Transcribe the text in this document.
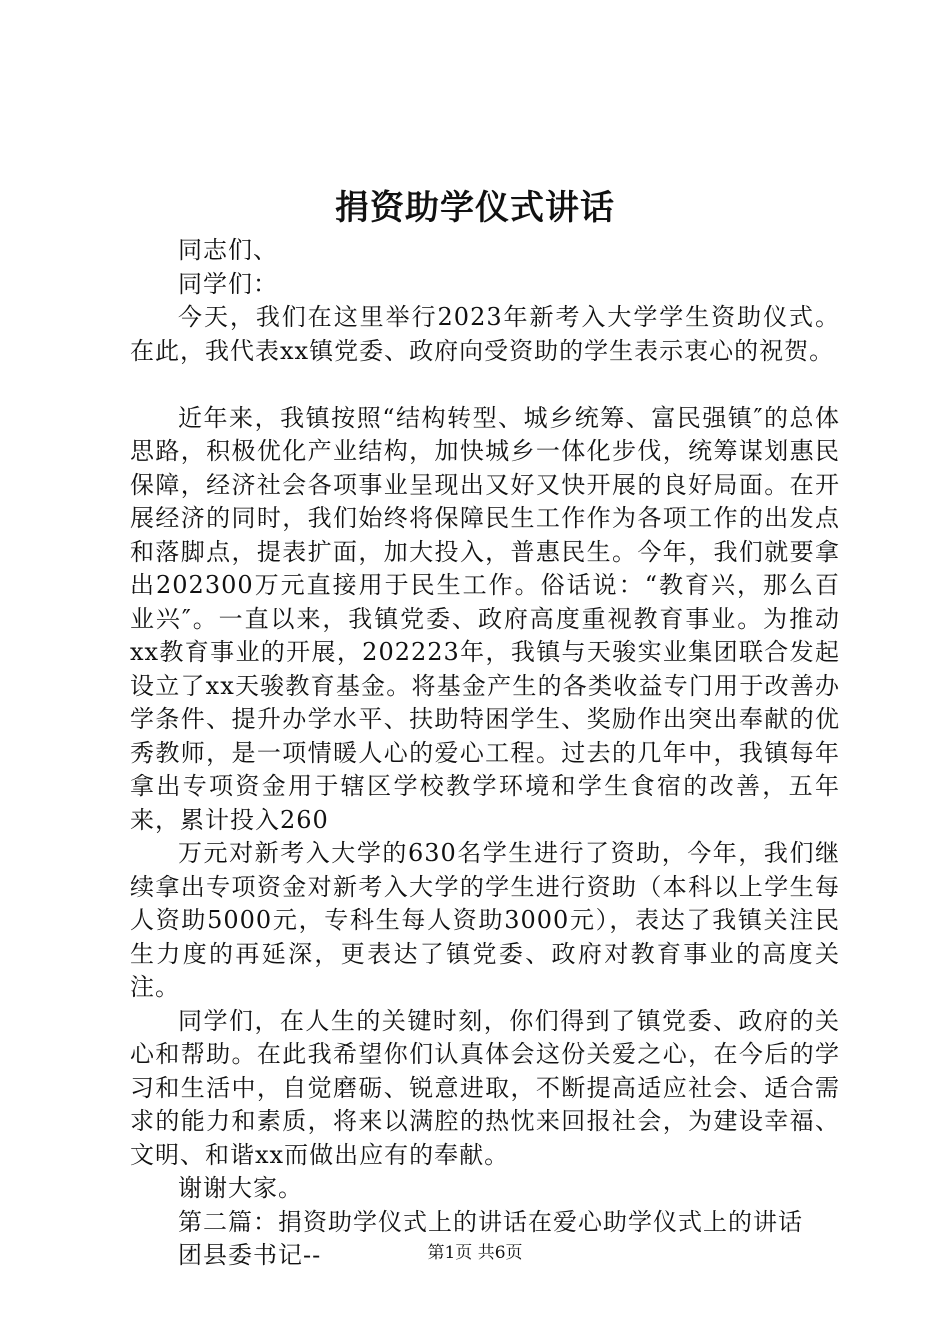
捐资助学仪式讲话

同志们、

同学们：

今天，我们在这里举行2023年新考入大学学生资助仪式。在此，我代表xx镇党委、政府向受资助的学生表示衷心的祝贺。

近年来，我镇按照“结构转型、城乡统筹、富民强镇″的总体思路，积极优化产业结构，加快城乡一体化步伐，统筹谋划惠民保障，经济社会各项事业呈现出又好又快开展的良好局面。在开展经济的同时，我们始终将保障民生工作作为各项工作的出发点和落脚点，提表扩面，加大投入，普惠民生。今年，我们就要拿出202300万元直接用于民生工作。俗话说：“教育兴，那么百业兴″。一直以来，我镇党委、政府高度重视教育事业。为推动xx教育事业的开展，202223年，我镇与天骏实业集团联合发起设立了xx天骏教育基金。将基金产生的各类收益专门用于改善办学条件、提升办学水平、扶助特困学生、奖励作出突出奉献的优秀教师，是一项情暖人心的爱心工程。过去的几年中，我镇每年拿出专项资金用于辖区学校教学环境和学生食宿的改善，五年来，累计投入260

万元对新考入大学的630名学生进行了资助，今年，我们继续拿出专项资金对新考入大学的学生进行资助（本科以上学生每人资助5000元，专科生每人资助3000元），表达了我镇关注民生力度的再延深，更表达了镇党委、政府对教育事业的高度关注。

同学们，在人生的关键时刻，你们得到了镇党委、政府的关心和帮助。在此我希望你们认真体会这份关爱之心，在今后的学习和生活中，自觉磨砺、锐意进取，不断提高适应社会、适合需求的能力和素质，将来以满腔的热忱来回报社会，为建设幸福、文明、和谐xx而做出应有的奉献。

谢谢大家。

第二篇：捐资助学仪式上的讲话在爱心助学仪式上的讲话

团县委书记--	第1页 共6页
